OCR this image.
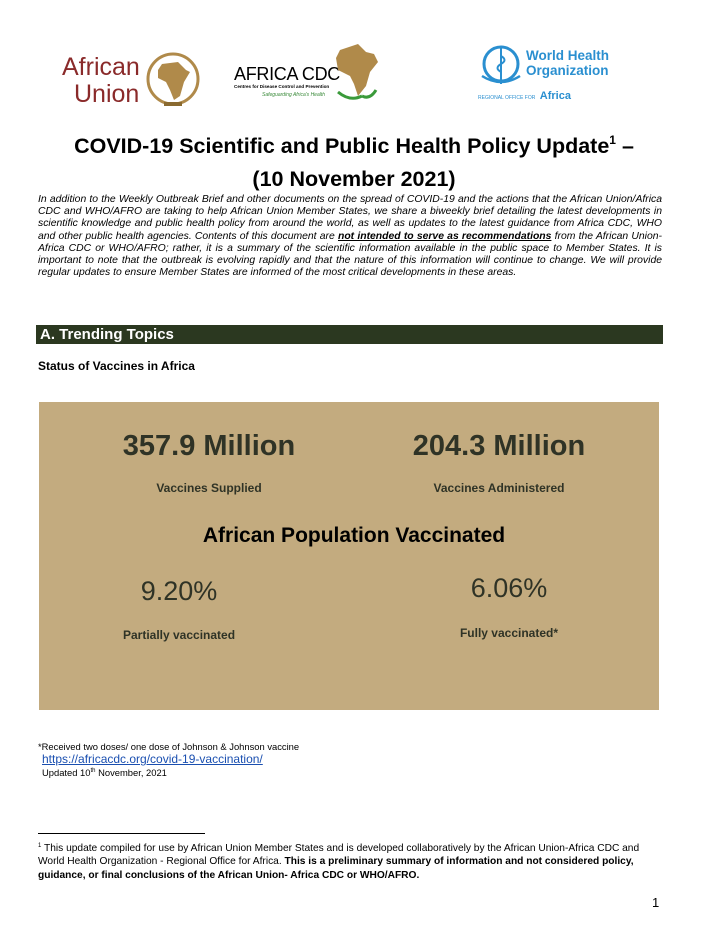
African
Union
AFRICA CDC
Centres for Disease Control and Prevention
Safeguarding Africa's Health
World Health
Organization
REGIONAL OFFICE FOR Africa
COVID-19 Scientific and Public Health Policy Update$^1$ –
(10 November 2021)
In addition to the Weekly Outbreak Brief and other documents on the spread of COVID-19 and the actions that the African Union/Africa CDC and WHO/AFRO are taking to help African Union Member States, we share a biweekly brief detailing the latest developments in scientific knowledge and public health policy from around the world, as well as updates to the latest guidance from Africa CDC, WHO and other public health agencies. Contents of this document are not intended to serve as recommendations from the African Union-Africa CDC or WHO/AFRO; rather, it is a summary of the scientific information available in the public space to Member States. It is important to note that the outbreak is evolving rapidly and that the nature of this information will continue to change. We will provide regular updates to ensure Member States are informed of the most critical developments in these areas.
A. Trending Topics
Status of Vaccines in Africa
357.9 Million
Vaccines Supplied
204.3 Million
Vaccines Administered
African Population Vaccinated
9.20%
Partially vaccinated
6.06%
Fully vaccinated*
*Received two doses/ one dose of Johnson & Johnson vaccine
https://africacdc.org/covid-19-vaccination/
Updated 10th November, 2021
$^1$ This update compiled for use by African Union Member States and is developed collaboratively by the African Union-Africa CDC and World Health Organization - Regional Office for Africa. This is a preliminary summary of information and not considered policy, guidance, or final conclusions of the African Union- Africa CDC or WHO/AFRO.
1
